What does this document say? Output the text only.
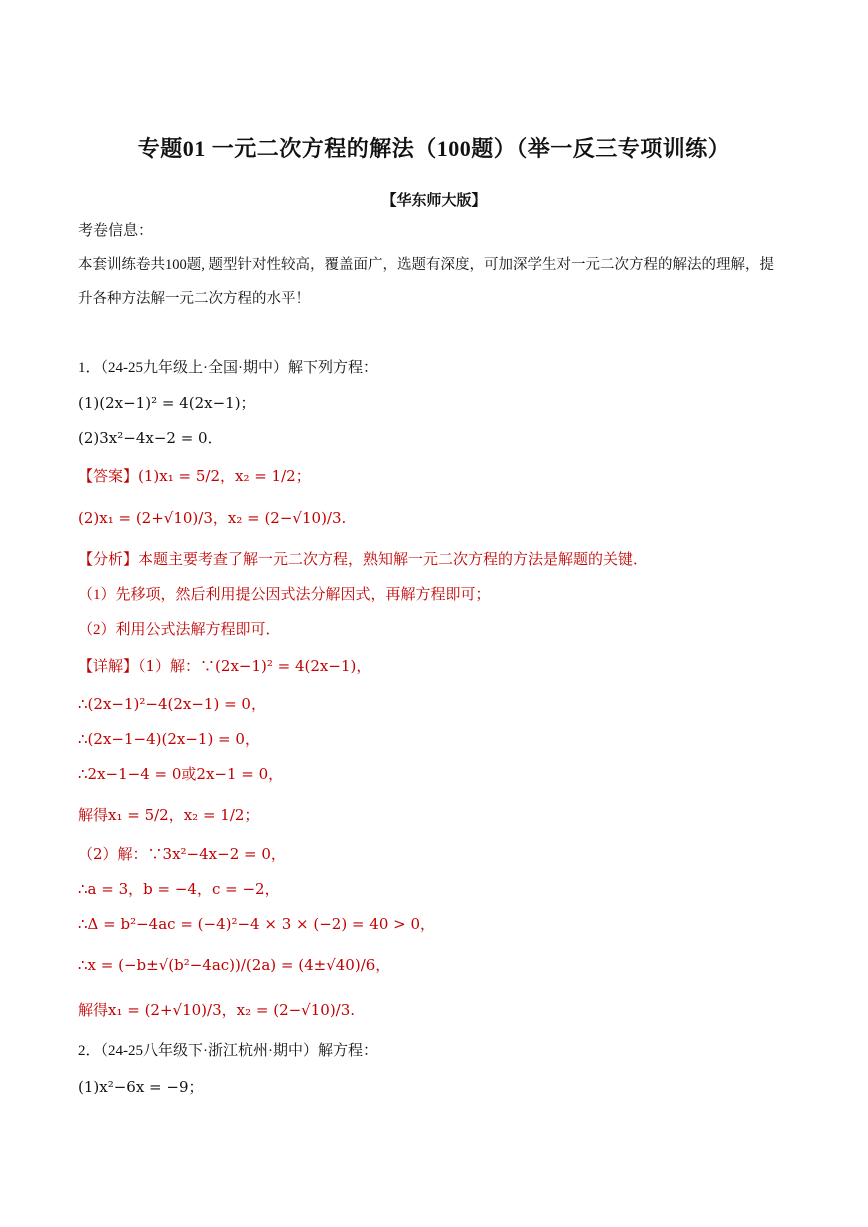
专题01 一元二次方程的解法（100题）（举一反三专项训练）
【华东师大版】
考卷信息：
本套训练卷共100题, 题型针对性较高，覆盖面广，选题有深度，可加深学生对一元二次方程的解法的理解，提
升各种方法解一元二次方程的水平！
1．（24-25九年级上·全国·期中）解下列方程：
(1)(2x−1)² = 4(2x−1)；
(2)3x²−4x−2 = 0．
【答案】(1)x₁ = 5/2，x₂ = 1/2；
(2)x₁ = (2+√10)/3，x₂ = (2−√10)/3.
【分析】本题主要考查了解一元二次方程，熟知解一元二次方程的方法是解题的关键．
（1）先移项，然后利用提公因式法分解因式，再解方程即可；
（2）利用公式法解方程即可．
【详解】（1）解：∵(2x−1)² = 4(2x−1)，
∴(2x−1)²−4(2x−1) = 0，
∴(2x−1−4)(2x−1) = 0，
∴2x−1−4 = 0或2x−1 = 0，
解得x₁ = 5/2，x₂ = 1/2；
（2）解：∵3x²−4x−2 = 0，
∴a = 3，b = −4，c = −2，
∴Δ = b²−4ac = (−4)²−4 × 3 × (−2) = 40 > 0，
∴x = (−b±√(b²−4ac))/(2a) = (4±√40)/6，
解得x₁ = (2+√10)/3，x₂ = (2−√10)/3.
2．（24-25八年级下·浙江杭州·期中）解方程：
(1)x²−6x = −9；
